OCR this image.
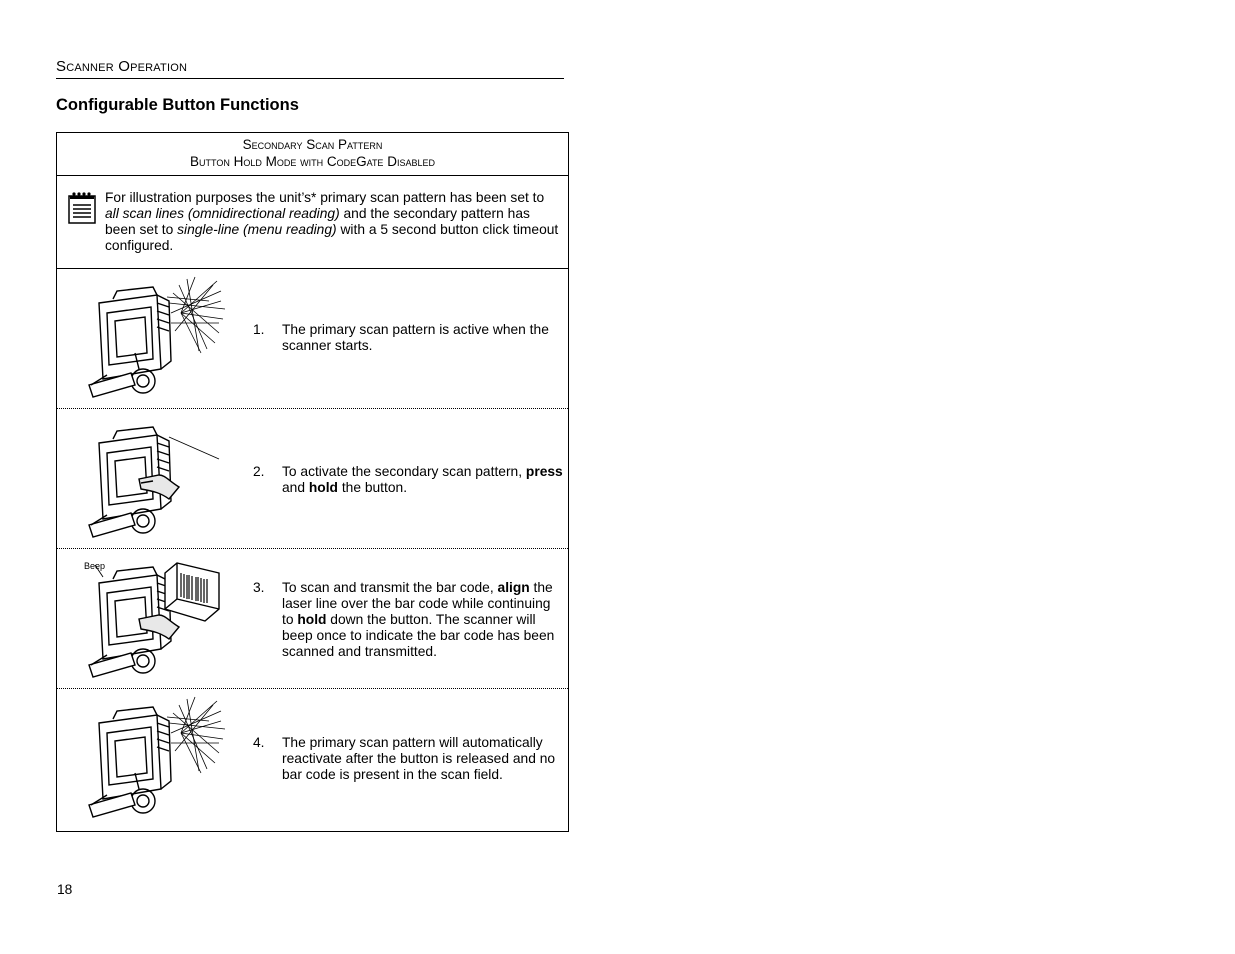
Scanner Operation
Configurable Button Functions
Secondary Scan Pattern
Button Hold Mode with CodeGate Disabled
For illustration purposes the unit’s* primary scan pattern has been set to all scan lines (omnidirectional reading) and the secondary pattern has been set to single-line (menu reading) with a 5 second button click timeout configured.
1. The primary scan pattern is active when the scanner starts.
2. To activate the secondary scan pattern, press and hold the button.
Beep
3. To scan and transmit the bar code, align the laser line over the bar code while continuing to hold down the button. The scanner will beep once to indicate the bar code has been scanned and transmitted.
4. The primary scan pattern will automatically reactivate after the button is released and no bar code is present in the scan field.
18
